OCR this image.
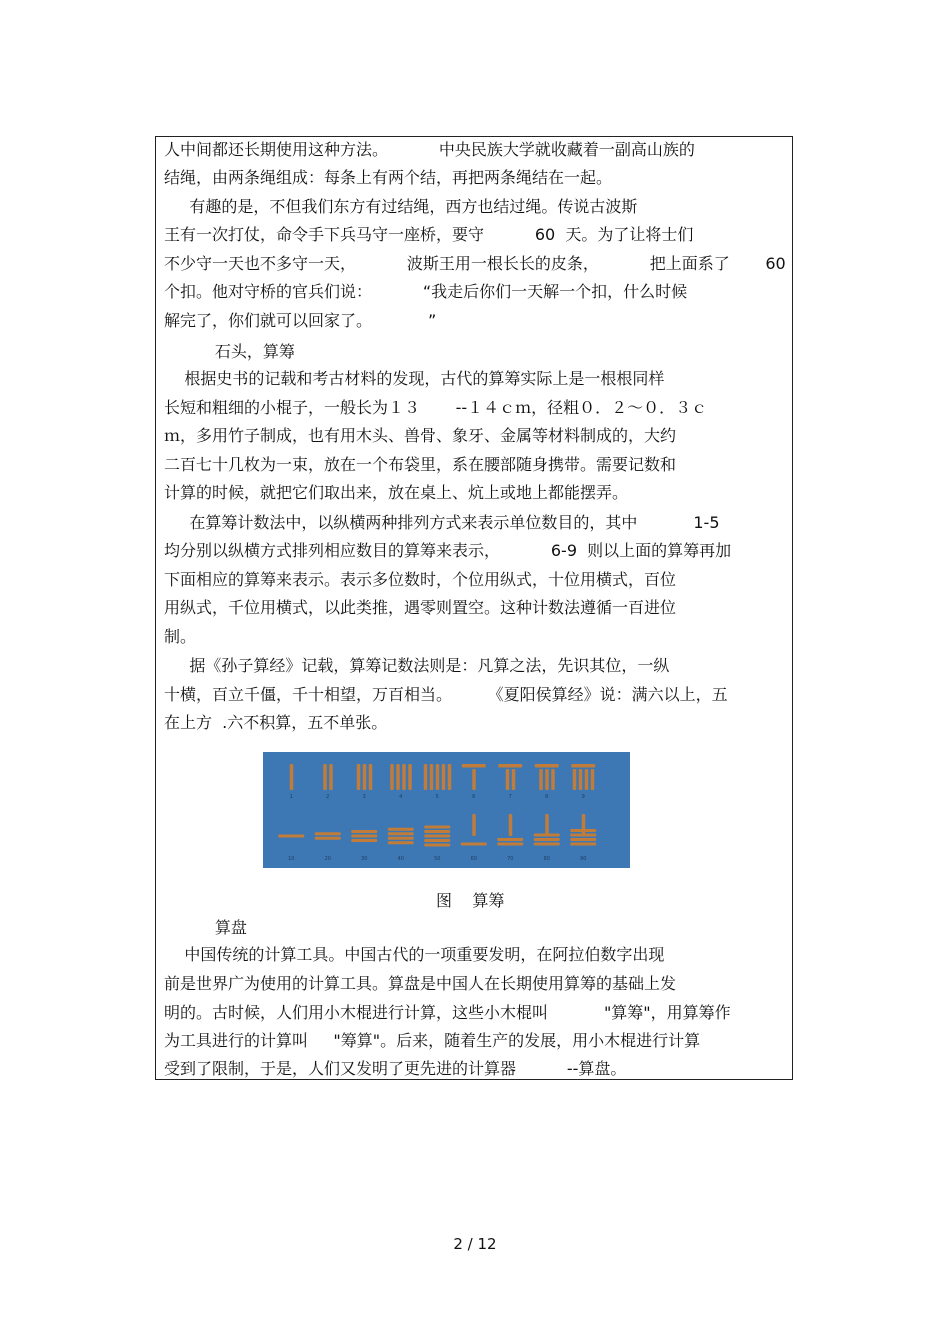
人中间都还长期使用这种方法。          中央民族大学就收藏着一副高山族的
结绳，由两条绳组成：每条上有两个结，再把两条绳结在一起。
有趣的是，不但我们东方有过结绳，西方也结过绳。传说古波斯
王有一次打仗，命令手下兵马守一座桥，要守          60  天。为了让将士们
不少守一天也不多守一天，          波斯王用一根长长的皮条，          把上面系了       60
个扣。他对守桥的官兵们说：          “我走后你们一天解一个扣，什么时候
解完了，你们就可以回家了。           ”
石头，算筹
根据史书的记载和考古材料的发现，古代的算筹实际上是一根根同样
长短和粗细的小棍子，一般长为１３       --１４ｃｍ，径粗０．２～０．３ｃ
ｍ，多用竹子制成，也有用木头、兽骨、象牙、金属等材料制成的，大约
二百七十几枚为一束，放在一个布袋里，系在腰部随身携带。需要记数和
计算的时候，就把它们取出来，放在桌上、炕上或地上都能摆弄。
在算筹计数法中，以纵横两种排列方式来表示单位数目的，其中           1-5
均分别以纵横方式排列相应数目的算筹来表示，          6-9  则以上面的算筹再加
下面相应的算筹来表示。表示多位数时，个位用纵式，十位用横式，百位
用纵式，千位用横式，以此类推，遇零则置空。这种计数法遵循一百进位
制。
据《孙子算经》记载，算筹记数法则是：凡算之法，先识其位，一纵
十横，百立千僵，千十相望，万百相当。       《夏阳侯算经》说：满六以上，五
在上方  .六不积算，五不单张。
1	2	3	4	5	6	7	8	9
10	20	30	40	50	60	70	80	90
图    算筹
算盘
中国传统的计算工具。中国古代的一项重要发明，在阿拉伯数字出现
前是世界广为使用的计算工具。算盘是中国人在长期使用算筹的基础上发
明的。古时候，人们用小木棍进行计算，这些小木棍叫           "算筹"，用算筹作
为工具进行的计算叫     "筹算"。后来，随着生产的发展，用小木棍进行计算
受到了限制，于是，人们又发明了更先进的计算器          --算盘。
2 / 12
